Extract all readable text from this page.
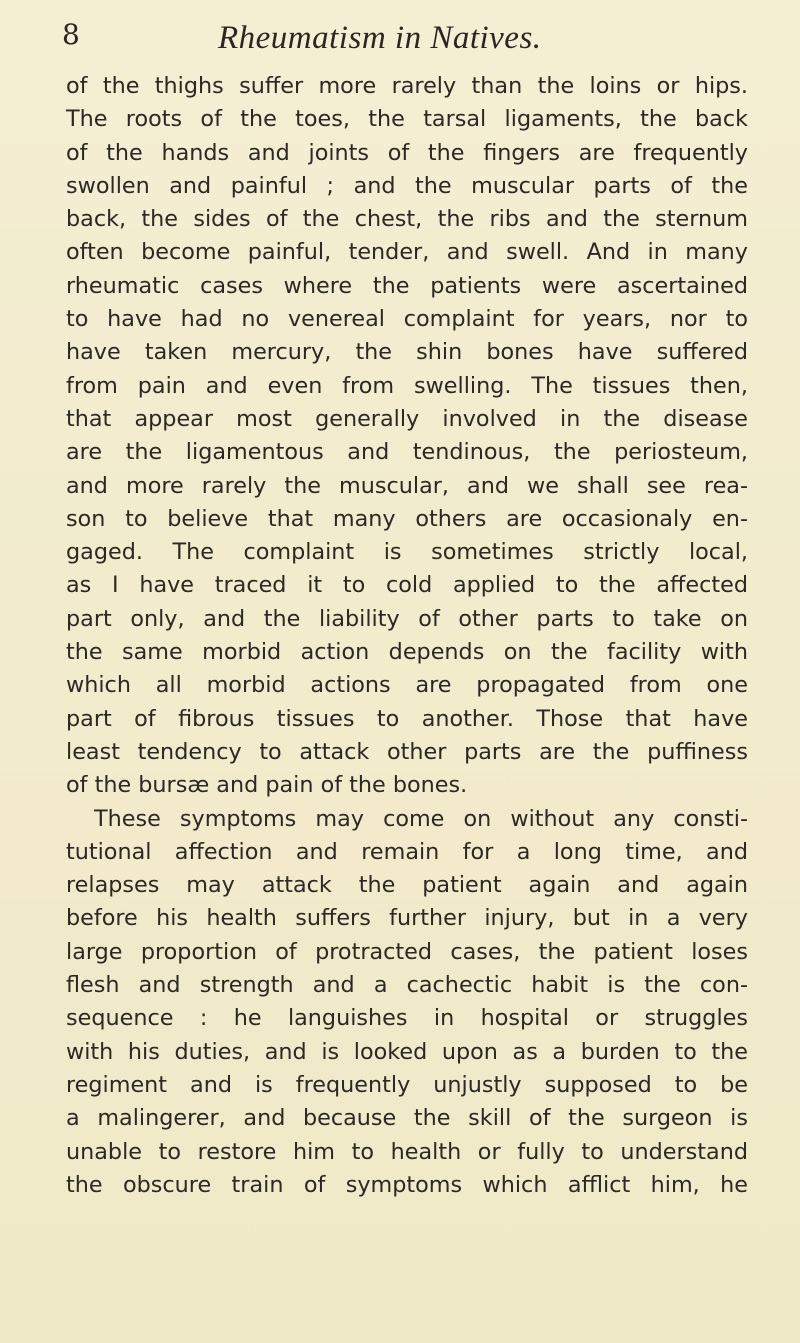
8	Rheumatism in Natives.
of the thighs suffer more rarely than the loins or hips.
The roots of the toes, the tarsal ligaments, the back
of the hands and joints of the fingers are frequently
swollen and painful ; and the muscular parts of the
back, the sides of the chest, the ribs and the sternum
often become painful, tender, and swell. And in many
rheumatic cases where the patients were ascertained
to have had no venereal complaint for years, nor to
have taken mercury, the shin bones have suffered
from pain and even from swelling. The tissues then,
that appear most generally involved in the disease
are the ligamentous and tendinous, the periosteum,
and more rarely the muscular, and we shall see rea-
son to believe that many others are occasionaly en-
gaged. The complaint is sometimes strictly local,
as I have traced it to cold applied to the affected
part only, and the liability of other parts to take on
the same morbid action depends on the facility with
which all morbid actions are propagated from one
part of fibrous tissues to another. Those that have
least tendency to attack other parts are the puffiness
of the bursæ and pain of the bones.
These symptoms may come on without any consti-
tutional affection and remain for a long time, and
relapses may attack the patient again and again
before his health suffers further injury, but in a very
large proportion of protracted cases, the patient loses
flesh and strength and a cachectic habit is the con-
sequence : he languishes in hospital or struggles
with his duties, and is looked upon as a burden to the
regiment and is frequently unjustly supposed to be
a malingerer, and because the skill of the surgeon is
unable to restore him to health or fully to understand
the obscure train of symptoms which afflict him, he
